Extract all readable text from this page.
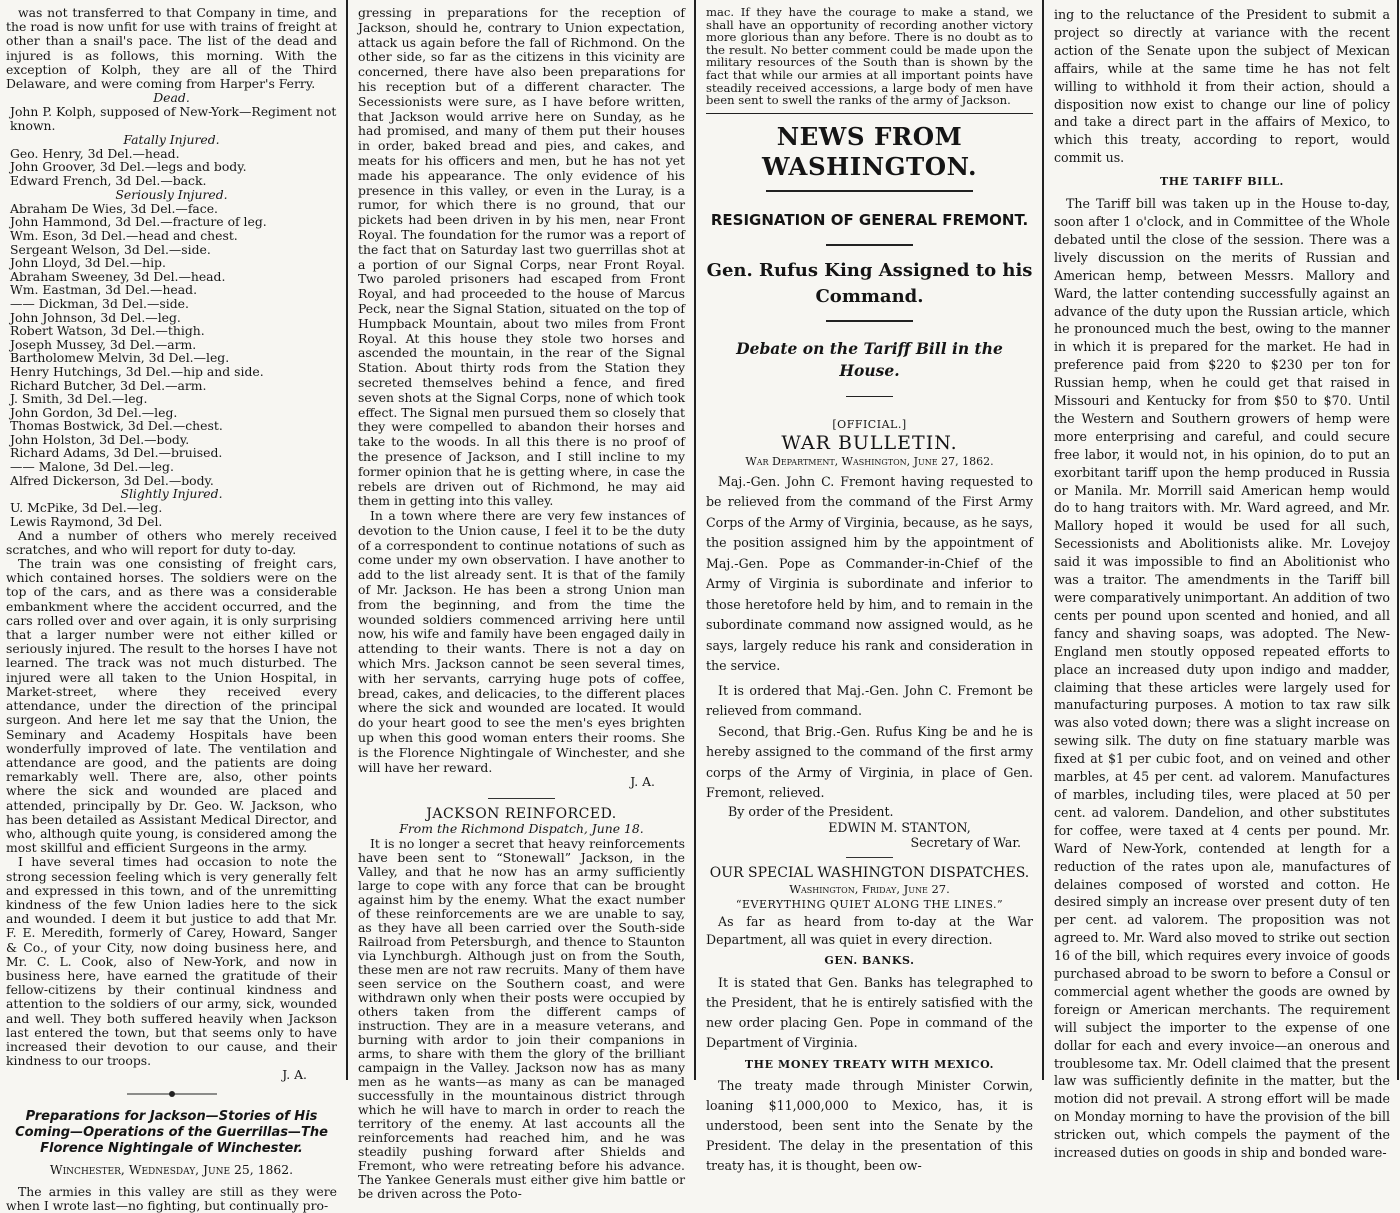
was not transferred to that Company in time, and the road is now unfit for use with trains of freight at other than a snail's pace. The list of the dead and injured is as follows, this morning. With the exception of Kolph, they are all of the Third Delaware, and were coming from Harper's Ferry.

Dead.
John P. Kolph, supposed of New-York—Regiment not known.
Fatally Injured.
Geo. Henry, 3d Del.—head.
John Groover, 3d Del.—legs and body.
Edward French, 3d Del.—back.
Seriously Injured.
Abraham De Wies, 3d Del.—face.
John Hammond, 3d Del.—fracture of leg.
Wm. Eson, 3d Del.—head and chest.
Sergeant Welson, 3d Del.—side.
John Lloyd, 3d Del.—hip.
Abraham Sweeney, 3d Del.—head.
Wm. Eastman, 3d Del.—head.
—— Dickman, 3d Del.—side.
John Johnson, 3d Del.—leg.
Robert Watson, 3d Del.—thigh.
Joseph Mussey, 3d Del.—arm.
Bartholomew Melvin, 3d Del.—leg.
Henry Hutchings, 3d Del.—hip and side.
Richard Butcher, 3d Del.—arm.
J. Smith, 3d Del.—leg.
John Gordon, 3d Del.—leg.
Thomas Bostwick, 3d Del.—chest.
John Holston, 3d Del.—body.
Richard Adams, 3d Del.—bruised.
—— Malone, 3d Del.—leg.
Alfred Dickerson, 3d Del.—body.
Slightly Injured.
U. McPike, 3d Del.—leg.
Lewis Raymond, 3d Del.

And a number of others who merely received scratches, and who will report for duty to-day.

The train was one consisting of freight cars, which contained horses. The soldiers were on the top of the cars, and as there was a considerable embankment where the accident occurred, and the cars rolled over and over again, it is only surprising that a larger number were not either killed or seriously injured. The result to the horses I have not learned. The track was not much disturbed. The injured were all taken to the Union Hospital, in Market-street, where they received every attendance, under the direction of the principal surgeon. And here let me say that the Union, the Seminary and Academy Hospitals have been wonderfully improved of late. The ventilation and attendance are good, and the patients are doing remarkably well. There are, also, other points where the sick and wounded are placed and attended, principally by Dr. Geo. W. Jackson, who has been detailed as Assistant Medical Director, and who, although quite young, is considered among the most skillful and efficient Surgeons in the army.

I have several times had occasion to note the strong secession feeling which is very generally felt and expressed in this town, and of the unremitting kindness of the few Union ladies here to the sick and wounded. I deem it but justice to add that Mr. F. E. Meredith, formerly of Carey, Howard, Sanger & Co., of your City, now doing business here, and Mr. C. L. Cook, also of New-York, and now in business here, have earned the gratitude of their fellow-citizens by their continual kindness and attention to the soldiers of our army, sick, wounded and well. They both suffered heavily when Jackson last entered the town, but that seems only to have increased their devotion to our cause, and their kindness to our troops.

J. A.
Preparations for Jackson—Stories of His Coming—Operations of the Guerrillas—The Florence Nightingale of Winchester.
Winchester, Wednesday, June 25, 1862.

The armies in this valley are still as they were when I wrote last—no fighting, but continually pro-

gressing in preparations for the reception of Jackson, should he, contrary to Union expectation, attack us again before the fall of Richmond. On the other side, so far as the citizens in this vicinity are concerned, there have also been preparations for his reception but of a different character. The Secessionists were sure, as I have before written, that Jackson would arrive here on Sunday, as he had promised, and many of them put their houses in order, baked bread and pies, and cakes, and meats for his officers and men, but he has not yet made his appearance. The only evidence of his presence in this valley, or even in the Luray, is a rumor, for which there is no ground, that our pickets had been driven in by his men, near Front Royal. The foundation for the rumor was a report of the fact that on Saturday last two guerrillas shot at a portion of our Signal Corps, near Front Royal. Two paroled prisoners had escaped from Front Royal, and had proceeded to the house of Marcus Peck, near the Signal Station, situated on the top of Humpback Mountain, about two miles from Front Royal. At this house they stole two horses and ascended the mountain, in the rear of the Signal Station. About thirty rods from the Station they secreted themselves behind a fence, and fired seven shots at the Signal Corps, none of which took effect. The Signal men pursued them so closely that they were compelled to abandon their horses and take to the woods. In all this there is no proof of the presence of Jackson, and I still incline to my former opinion that he is getting where, in case the rebels are driven out of Richmond, he may aid them in getting into this valley.

In a town where there are very few instances of devotion to the Union cause, I feel it to be the duty of a correspondent to continue notations of such as come under my own observation. I have another to add to the list already sent. It is that of the family of Mr. Jackson. He has been a strong Union man from the beginning, and from the time the wounded soldiers commenced arriving here until now, his wife and family have been engaged daily in attending to their wants. There is not a day on which Mrs. Jackson cannot be seen several times, with her servants, carrying huge pots of coffee, bread, cakes, and delicacies, to the different places where the sick and wounded are located. It would do your heart good to see the men's eyes brighten up when this good woman enters their rooms. She is the Florence Nightingale of Winchester, and she will have her reward.

J. A.
JACKSON REINFORCED.
From the Richmond Dispatch, June 18.

It is no longer a secret that heavy reinforcements have been sent to “Stonewall” Jackson, in the Valley, and that he now has an army sufficiently large to cope with any force that can be brought against him by the enemy. What the exact number of these reinforcements are we are unable to say, as they have all been carried over the South-side Railroad from Petersburgh, and thence to Staunton via Lynchburgh. Although just on from the South, these men are not raw recruits. Many of them have seen service on the Southern coast, and were withdrawn only when their posts were occupied by others taken from the different camps of instruction. They are in a measure veterans, and burning with ardor to join their companions in arms, to share with them the glory of the brilliant campaign in the Valley. Jackson now has as many men as he wants—as many as can be managed successfully in the mountainous district through which he will have to march in order to reach the territory of the enemy. At last accounts all the reinforcements had reached him, and he was steadily pushing forward after Shields and Fremont, who were retreating before his advance. The Yankee Generals must either give him battle or be driven across the Poto-

mac. If they have the courage to make a stand, we shall have an opportunity of recording another victory more glorious than any before. There is no doubt as to the result. No better comment could be made upon the military resources of the South than is shown by the fact that while our armies at all important points have steadily received accessions, a large body of men have been sent to swell the ranks of the army of Jackson.

NEWS FROM WASHINGTON.
RESIGNATION OF GENERAL FREMONT.
Gen. Rufus King Assigned to his Command.
Debate on the Tariff Bill in the House.
[OFFICIAL.]
WAR BULLETIN.
War Department, Washington, June 27, 1862.

Maj.-Gen. John C. Fremont having requested to be relieved from the command of the First Army Corps of the Army of Virginia, because, as he says, the position assigned him by the appointment of Maj.-Gen. Pope as Commander-in-Chief of the Army of Virginia is subordinate and inferior to those heretofore held by him, and to remain in the subordinate command now assigned would, as he says, largely reduce his rank and consideration in the service.

It is ordered that Maj.-Gen. John C. Fremont be relieved from command.

Second, that Brig.-Gen. Rufus King be and he is hereby assigned to the command of the first army corps of the Army of Virginia, in place of Gen. Fremont, relieved.

By order of the President.

EDWIN M. STANTON,
Secretary of War.
OUR SPECIAL WASHINGTON DISPATCHES.
Washington, Friday, June 27.
“EVERYTHING QUIET ALONG THE LINES.”

As far as heard from to-day at the War Department, all was quiet in every direction.

GEN. BANKS.

It is stated that Gen. Banks has telegraphed to the President, that he is entirely satisfied with the new order placing Gen. Pope in command of the Department of Virginia.

THE MONEY TREATY WITH MEXICO.

The treaty made through Minister Corwin, loaning $11,000,000 to Mexico, has, it is understood, been sent into the Senate by the President. The delay in the presentation of this treaty has, it is thought, been ow-

ing to the reluctance of the President to submit a project so directly at variance with the recent action of the Senate upon the subject of Mexican affairs, while at the same time he has not felt willing to withhold it from their action, should a disposition now exist to change our line of policy and take a direct part in the affairs of Mexico, to which this treaty, according to report, would commit us.

THE TARIFF BILL.

The Tariff bill was taken up in the House to-day, soon after 1 o'clock, and in Committee of the Whole debated until the close of the session. There was a lively discussion on the merits of Russian and American hemp, between Messrs. Mallory and Ward, the latter contending successfully against an advance of the duty upon the Russian article, which he pronounced much the best, owing to the manner in which it is prepared for the market. He had in preference paid from $220 to $230 per ton for Russian hemp, when he could get that raised in Missouri and Kentucky for from $50 to $70. Until the Western and Southern growers of hemp were more enterprising and careful, and could secure free labor, it would not, in his opinion, do to put an exorbitant tariff upon the hemp produced in Russia or Manila. Mr. Morrill said American hemp would do to hang traitors with. Mr. Ward agreed, and Mr. Mallory hoped it would be used for all such, Secessionists and Abolitionists alike. Mr. Lovejoy said it was impossible to find an Abolitionist who was a traitor. The amendments in the Tariff bill were comparatively unimportant. An addition of two cents per pound upon scented and honied, and all fancy and shaving soaps, was adopted. The New-England men stoutly opposed repeated efforts to place an increased duty upon indigo and madder, claiming that these articles were largely used for manufacturing purposes. A motion to tax raw silk was also voted down; there was a slight increase on sewing silk. The duty on fine statuary marble was fixed at $1 per cubic foot, and on veined and other marbles, at 45 per cent. ad valorem. Manufactures of marbles, including tiles, were placed at 50 per cent. ad valorem. Dandelion, and other substitutes for coffee, were taxed at 4 cents per pound. Mr. Ward of New-York, contended at length for a reduction of the rates upon ale, manufactures of delaines composed of worsted and cotton. He desired simply an increase over present duty of ten per cent. ad valorem. The proposition was not agreed to. Mr. Ward also moved to strike out section 16 of the bill, which requires every invoice of goods purchased abroad to be sworn to before a Consul or commercial agent whether the goods are owned by foreign or American merchants. The requirement will subject the importer to the expense of one dollar for each and every invoice—an onerous and troublesome tax. Mr. Odell claimed that the present law was sufficiently definite in the matter, but the motion did not prevail. A strong effort will be made on Monday morning to have the provision of the bill stricken out, which compels the payment of the increased duties on goods in ship and bonded ware-
